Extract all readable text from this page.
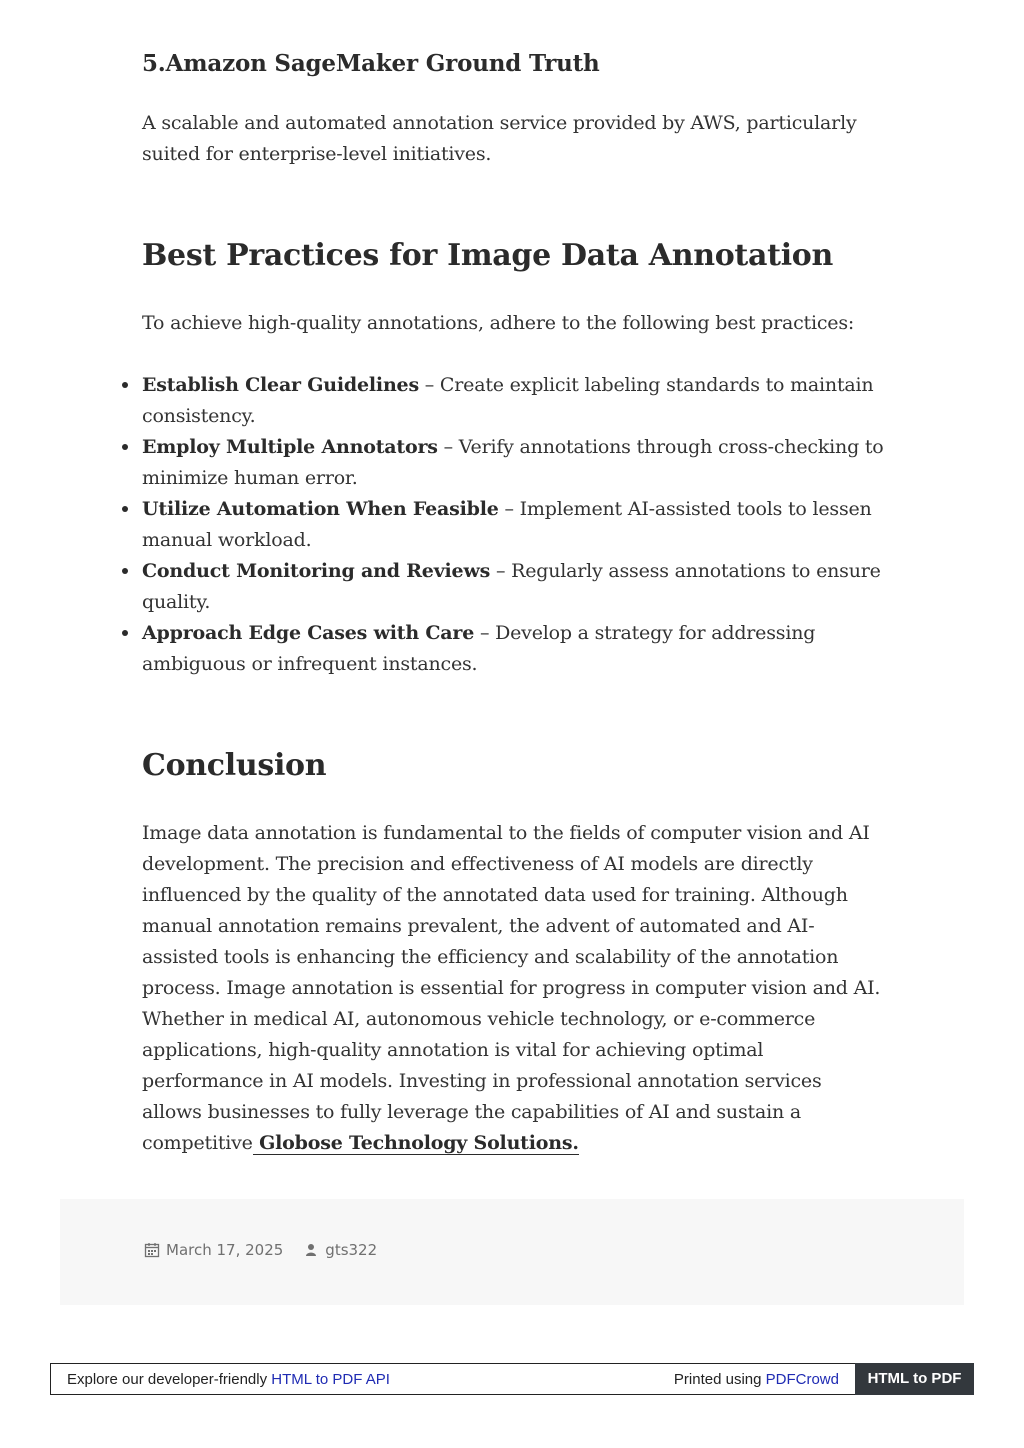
5.Amazon SageMaker Ground Truth

A scalable and automated annotation service provided by AWS, particularly suited for enterprise-level initiatives.

Best Practices for Image Data Annotation

To achieve high-quality annotations, adhere to the following best practices:

Establish Clear Guidelines – Create explicit labeling standards to maintain consistency.
Employ Multiple Annotators – Verify annotations through cross-checking to minimize human error.
Utilize Automation When Feasible – Implement AI-assisted tools to lessen manual workload.
Conduct Monitoring and Reviews – Regularly assess annotations to ensure quality.
Approach Edge Cases with Care – Develop a strategy for addressing ambiguous or infrequent instances.
Conclusion

Image data annotation is fundamental to the fields of computer vision and AI development. The precision and effectiveness of AI models are directly influenced by the quality of the annotated data used for training. Although manual annotation remains prevalent, the advent of automated and AI-assisted tools is enhancing the efficiency and scalability of the annotation process. Image annotation is essential for progress in computer vision and AI. Whether in medical AI, autonomous vehicle technology, or e-commerce applications, high-quality annotation is vital for achieving optimal performance in AI models. Investing in professional annotation services allows businesses to fully leverage the capabilities of AI and sustain a competitive Globose Technology Solutions.

March 17, 2025	gts322
Explore our developer-friendly HTML to PDF API	Printed using PDFCrowd	HTML to PDF
